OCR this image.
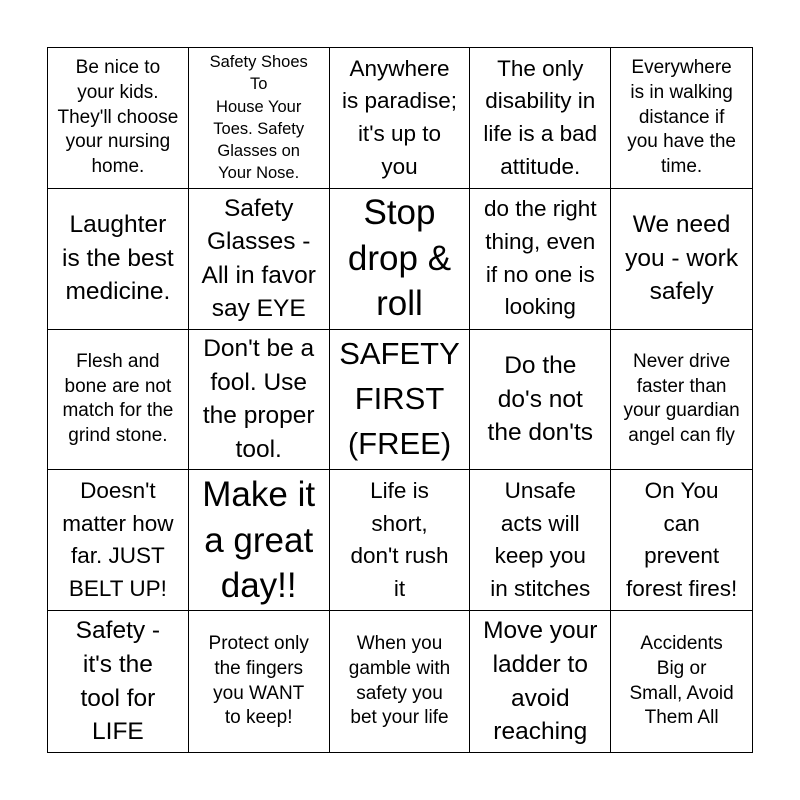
Be nice to
your kids.
They'll choose
your nursing
home.
Safety Shoes
To
House Your
Toes. Safety
Glasses on
Your Nose.
Anywhere
is paradise;
it's up to
you
The only
disability in
life is a bad
attitude.
Everywhere
is in walking
distance if
you have the
time.
Laughter
is the best
medicine.
Safety
Glasses -
All in favor
say EYE
Stop
drop &
roll
do the right
thing, even
if no one is
looking
We need
you - work
safely
Flesh and
bone are not
match for the
grind stone.
Don't be a
fool. Use
the proper
tool.
SAFETY
FIRST
(FREE)
Do the
do's not
the don'ts
Never drive
faster than
your guardian
angel can fly
Doesn't
matter how
far. JUST
BELT UP!
Make it
a great
day!!
Life is
short,
don't rush
it
Unsafe
acts will
keep you
in stitches
On You
can
prevent
forest fires!
Safety -
it's the
tool for
LIFE
Protect only
the fingers
you WANT
to keep!
When you
gamble with
safety you
bet your life
Move your
ladder to
avoid
reaching
Accidents
Big or
Small, Avoid
Them All
